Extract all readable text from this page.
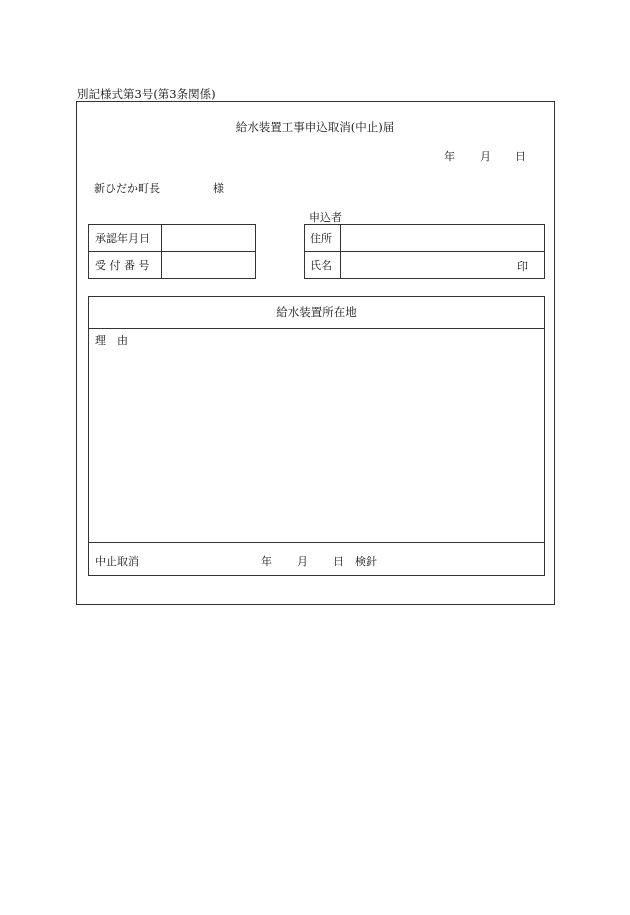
別記様式第3号(第3条関係)
給水装置工事申込取消(中止)届
年 月 日
新ひだか町長	様
申込者
承認年月日	
受 付 番 号	
住所	
氏名	印
給水装置所在地
理　由
中止取消	年 月 日 検針
